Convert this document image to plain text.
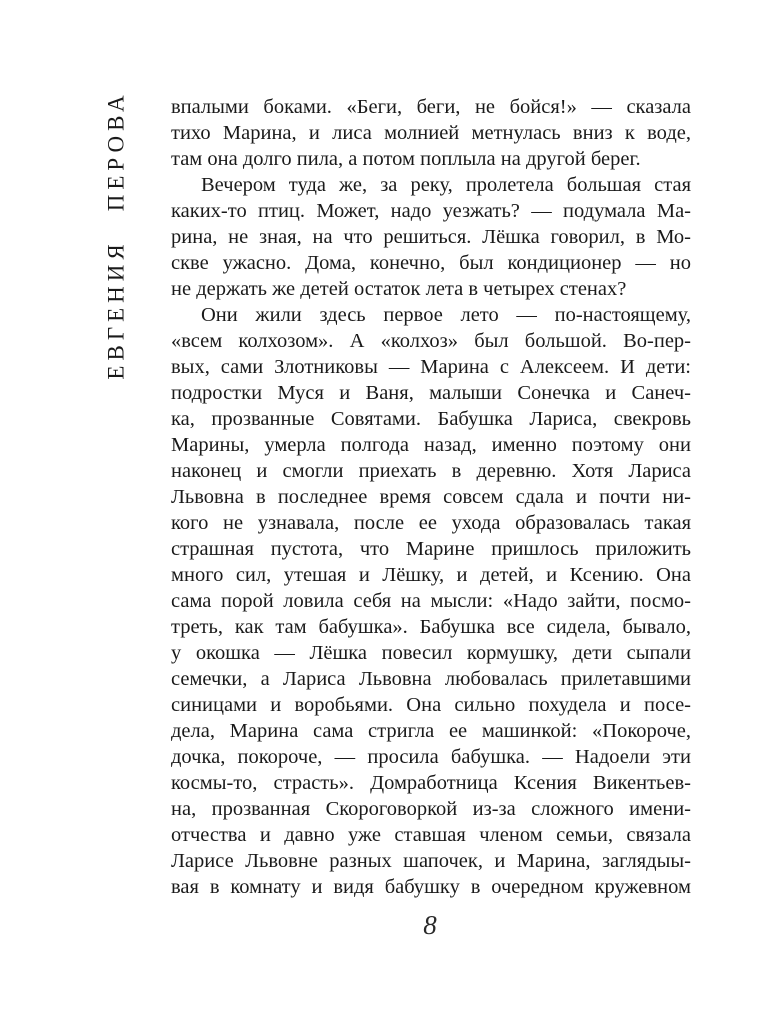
ЕВГЕНИЯПЕРОВА впалыми боками. «Беги, беги, не бойся!» — сказала
тихо Марина, и лиса молнией метнулась вниз к воде,
там она долго пила, а потом поплыла на другой берег.
Вечером туда же, за реку, пролетела большая стая
каких-то птиц. Может, надо уезжать? — подумала Ма-
рина, не зная, на что решиться. Лёшка говорил, в Мо-
скве ужасно. Дома, конечно, был кондиционер — но
не держать же детей остаток лета в четырех стенах?
Они жили здесь первое лето — по-настоящему,
«всем колхозом». А «колхоз» был большой. Во-пер-
вых, сами Злотниковы — Марина с Алексеем. И дети:
подростки Муся и Ваня, малыши Сонечка и Санеч-
ка, прозванные Совятами. Бабушка Лариса, свекровь
Марины, умерла полгода назад, именно поэтому они
наконец и смогли приехать в деревню. Хотя Лариса
Львовна в последнее время совсем сдала и почти ни-
кого не узнавала, после ее ухода образовалась такая
страшная пустота, что Марине пришлось приложить
много сил, утешая и Лёшку, и детей, и Ксению. Она
сама порой ловила себя на мысли: «Надо зайти, посмо-
треть, как там бабушка». Бабушка все сидела, бывало,
у окошка — Лёшка повесил кормушку, дети сыпали
семечки, а Лариса Львовна любовалась прилетавшими
синицами и воробьями. Она сильно похудела и посе-
дела, Марина сама стригла ее машинкой: «Покороче,
дочка, покороче, — просила бабушка. — Надоели эти
космы-то, страсть». Домработница Ксения Викентьев-
на, прозванная Скороговоркой из-за сложного имени-
отчества и давно уже ставшая членом семьи, связала
Ларисе Львовне разных шапочек, и Марина, заглядыы-
вая в комнату и видя бабушку в очередном кружевном
8
